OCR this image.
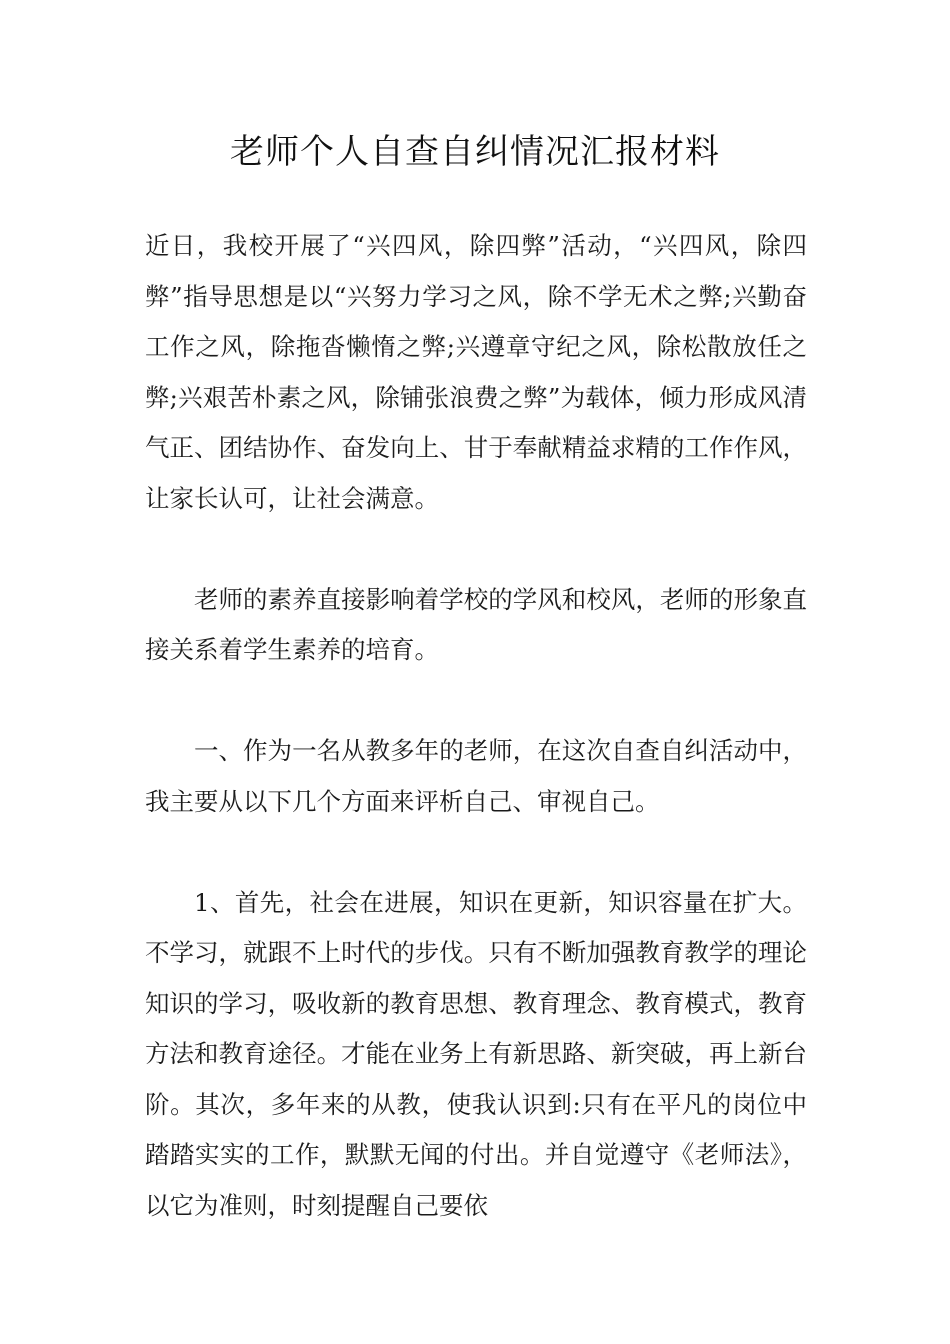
老师个人自查自纠情况汇报材料

近日，我校开展了“兴四风，除四弊”活动，“兴四风，除四弊”指导思想是以“兴努力学习之风，除不学无术之弊;兴勤奋工作之风，除拖沓懒惰之弊;兴遵章守纪之风，除松散放任之弊;兴艰苦朴素之风，除铺张浪费之弊”为载体，倾力形成风清气正、团结协作、奋发向上、甘于奉献精益求精的工作作风，让家长认可，让社会满意。

老师的素养直接影响着学校的学风和校风，老师的形象直接关系着学生素养的培育。

一、作为一名从教多年的老师，在这次自查自纠活动中，我主要从以下几个方面来评析自己、审视自己。

1、首先，社会在进展，知识在更新，知识容量在扩大。不学习，就跟不上时代的步伐。只有不断加强教育教学的理论知识的学习，吸收新的教育思想、教育理念、教育模式，教育方法和教育途径。才能在业务上有新思路、新突破，再上新台阶。其次，多年来的从教，使我认识到:只有在平凡的岗位中踏踏实实的工作，默默无闻的付出。并自觉遵守《老师法》，以它为准则，时刻提醒自己要依
